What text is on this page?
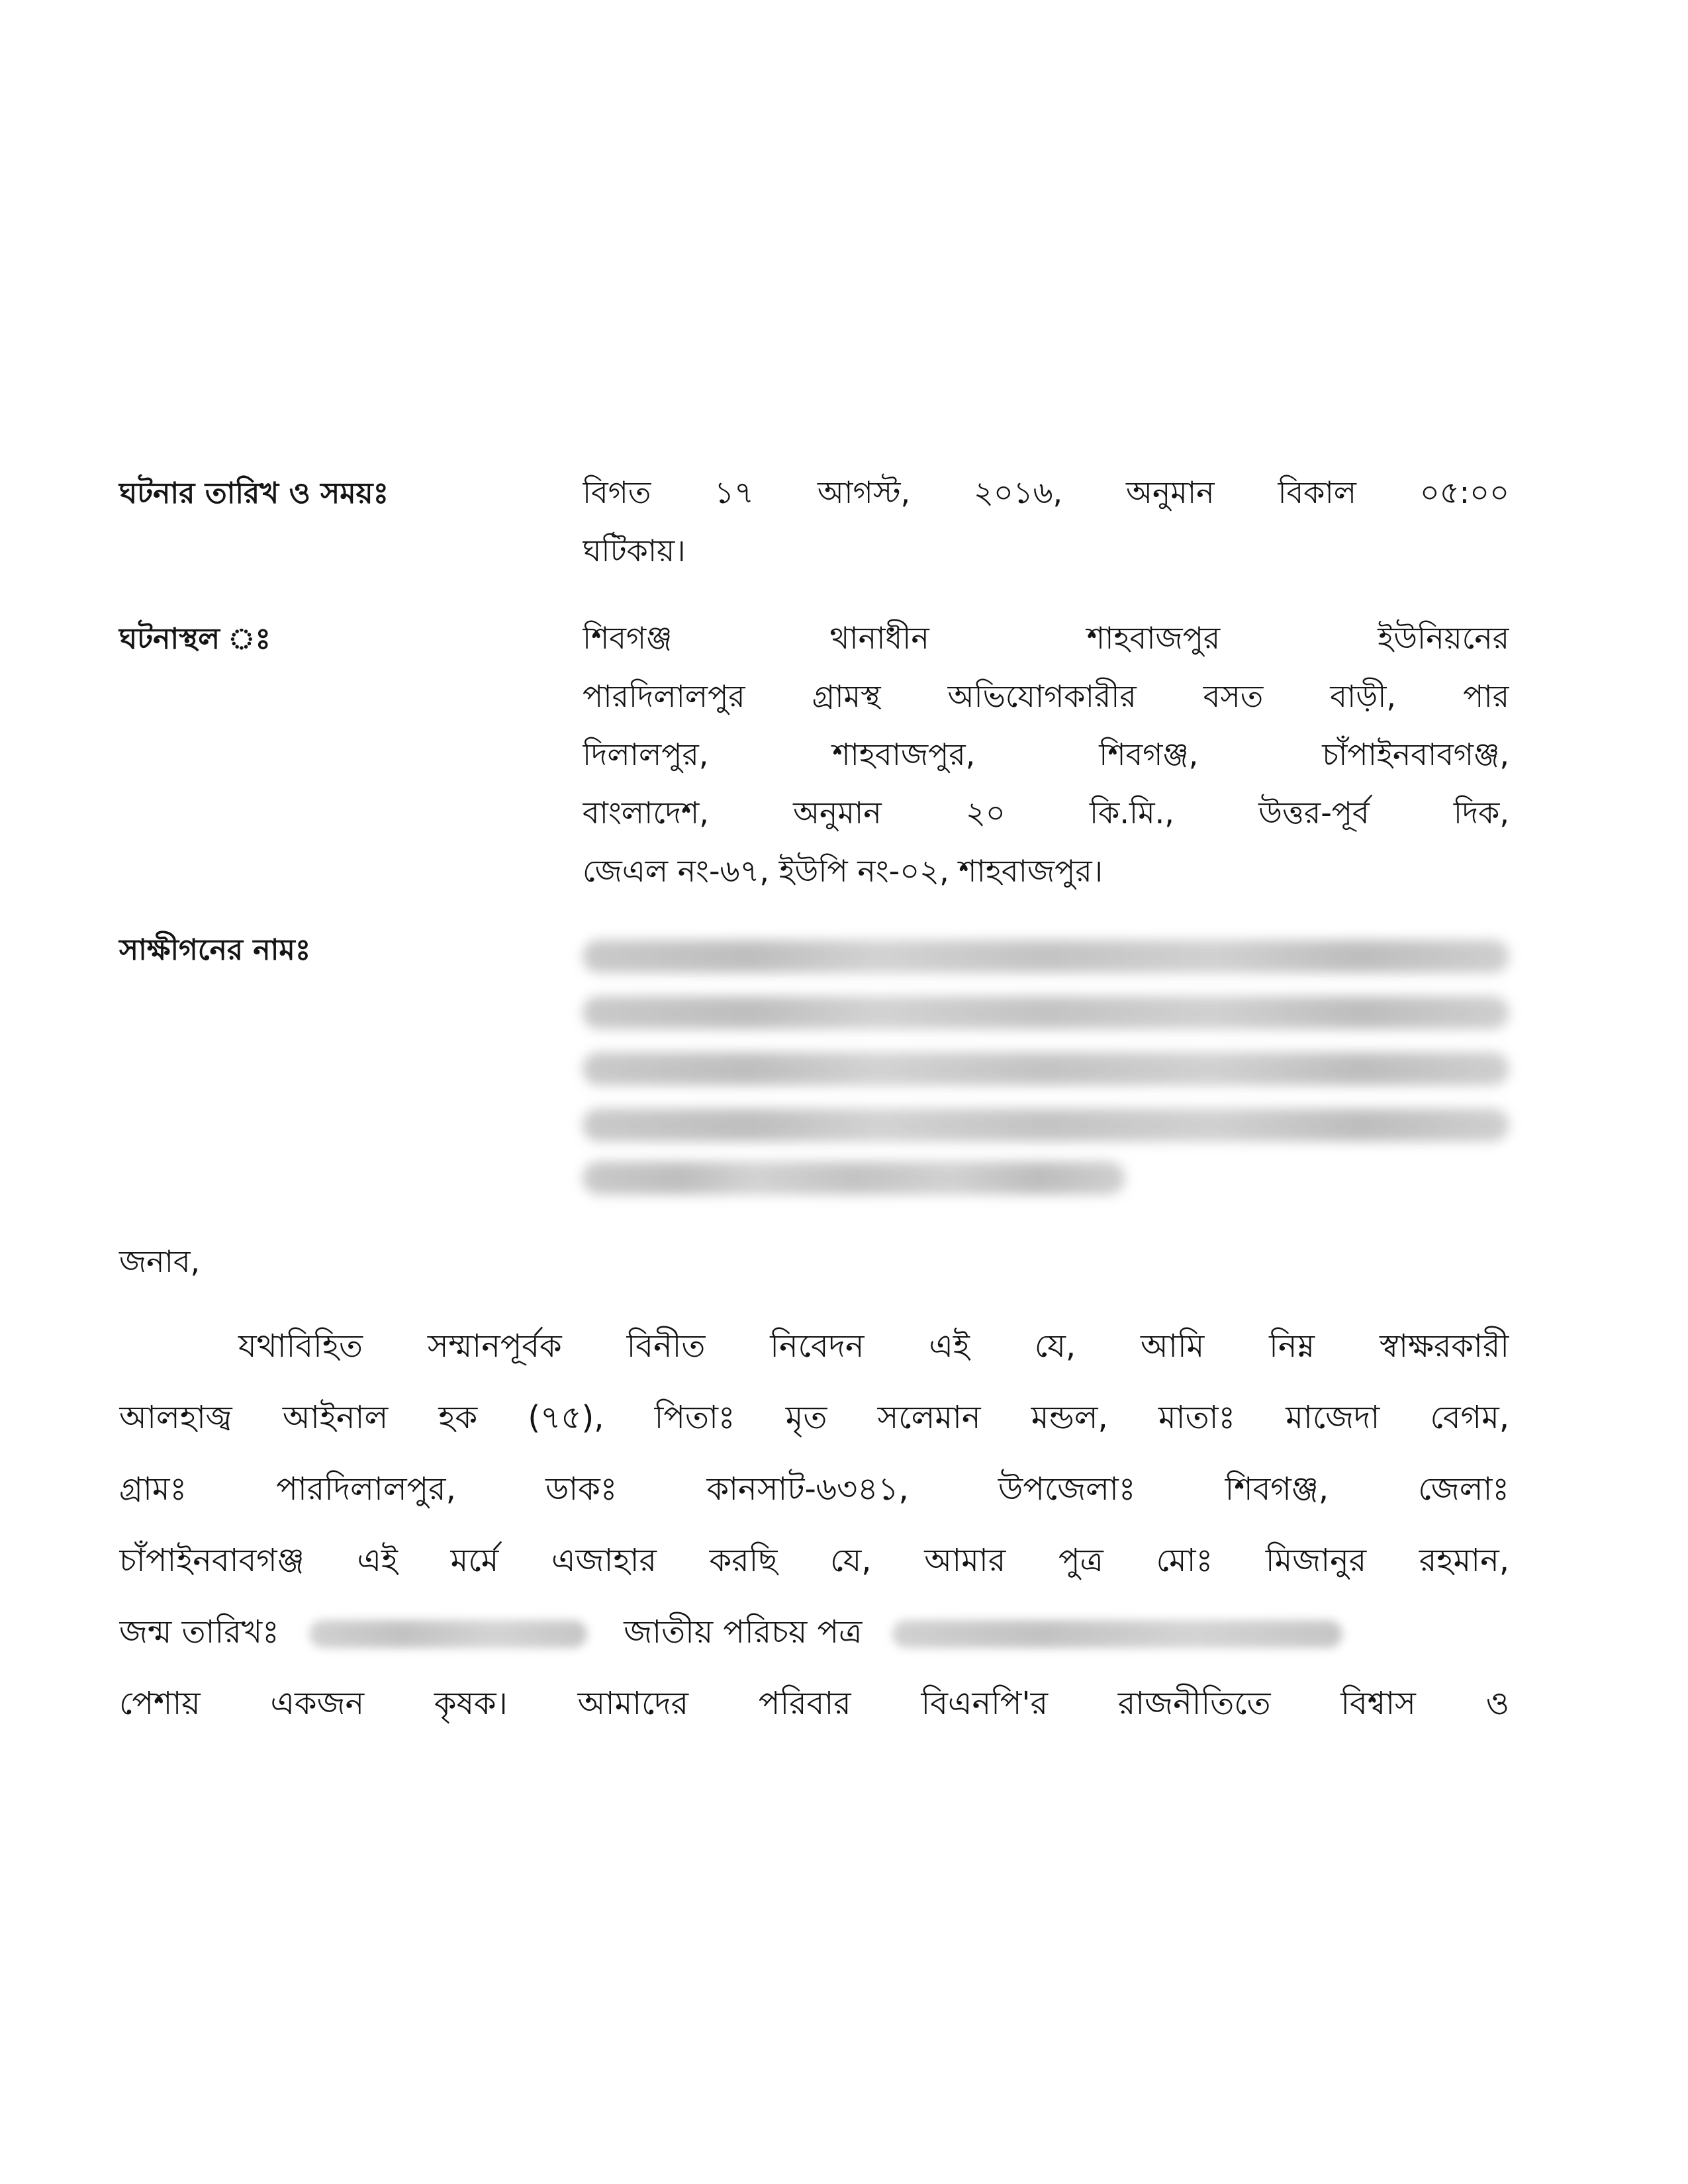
ঘটনার তারিখ ও সময়ঃ	বিগত ১৭ আগস্ট, ২০১৬, অনুমান বিকাল ০৫:০০
ঘটিকায়।
ঘটনাস্থল ঃ	শিবগঞ্জ থানাধীন শাহবাজপুর ইউনিয়নের
পারদিলালপুর গ্রামস্থ অভিযোগকারীর বসত বাড়ী, পার
দিলালপুর, শাহবাজপুর, শিবগঞ্জ, চাঁপাইনবাবগঞ্জ,
বাংলাদেশ, অনুমান ২০ কি.মি., উত্তর-পূর্ব দিক,
জেএল নং-৬৭, ইউপি নং-০২, শাহবাজপুর।
সাক্ষীগনের নামঃ
জনাব,
যথাবিহিত সম্মানপূর্বক বিনীত নিবেদন এই যে, আমি নিম্ন স্বাক্ষরকারী
আলহাজ্ব আইনাল হক (৭৫), পিতাঃ মৃত সলেমান মন্ডল, মাতাঃ মাজেদা বেগম,
গ্রামঃ পারদিলালপুর, ডাকঃ কানসাট-৬৩৪১, উপজেলাঃ শিবগঞ্জ, জেলাঃ
চাঁপাইনবাবগঞ্জ এই মর্মে এজাহার করছি যে, আমার পুত্র মোঃ মিজানুর রহমান,
জন্ম তারিখঃ	জাতীয় পরিচয় পত্র
পেশায় একজন কৃষক। আমাদের পরিবার বিএনপি'র রাজনীতিতে বিশ্বাস ও
